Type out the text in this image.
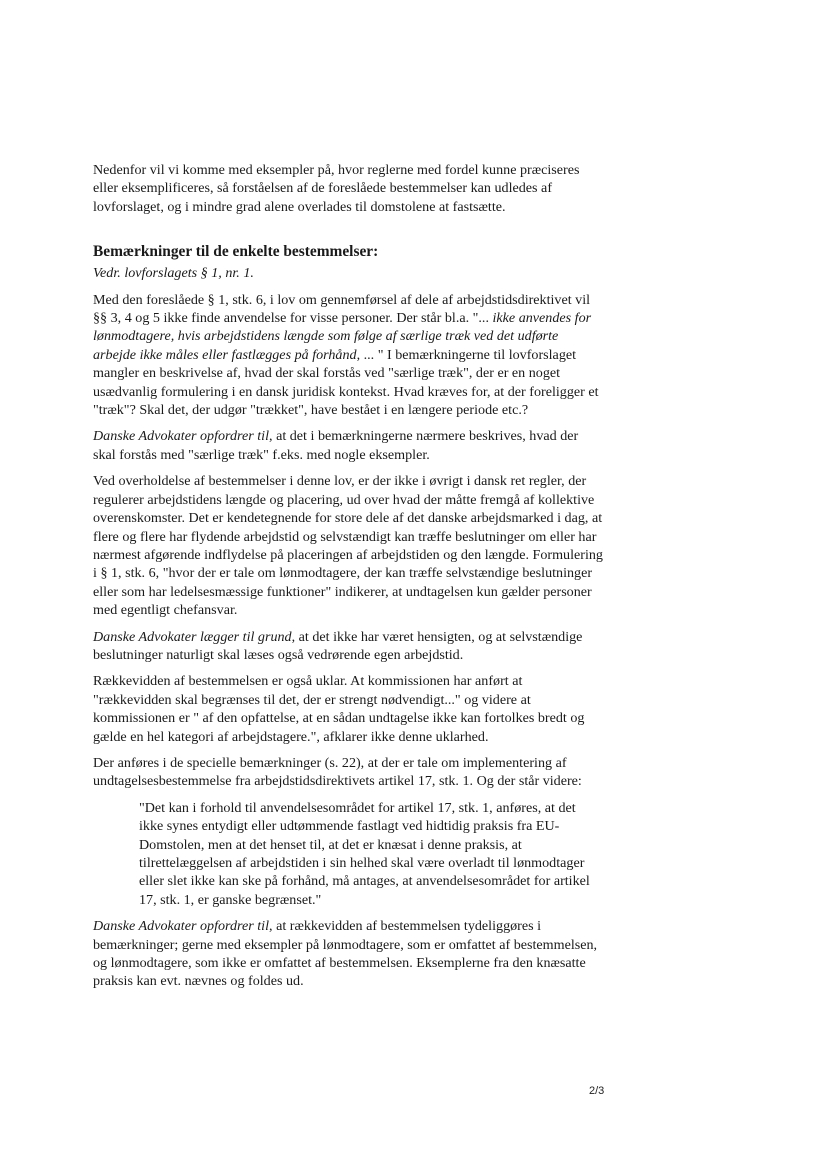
Nedenfor vil vi komme med eksempler på, hvor reglerne med fordel kunne præciseres eller eksemplificeres, så forståelsen af de foreslåede bestemmelser kan udledes af lovforslaget, og i mindre grad alene overlades til domstolene at fastsætte.

Bemærkninger til de enkelte bestemmelser:

Vedr. lovforslagets § 1, nr. 1.

Med den foreslåede § 1, stk. 6, i lov om gennemførsel af dele af arbejdstidsdirektivet vil §§ 3, 4 og 5 ikke finde anvendelse for visse personer. Der står bl.a. "... ikke anvendes for lønmodtagere, hvis arbejdstidens længde som følge af særlige træk ved det udførte arbejde ikke måles eller fastlægges på forhånd, ... " I bemærkningerne til lovforslaget mangler en beskrivelse af, hvad der skal forstås ved "særlige træk", der er en noget usædvanlig formulering i en dansk juridisk kontekst. Hvad kræves for, at der foreligger et "træk"? Skal det, der udgør "trækket", have bestået i en længere periode etc.?

Danske Advokater opfordrer til, at det i bemærkningerne nærmere beskrives, hvad der skal forstås med "særlige træk" f.eks. med nogle eksempler.

Ved overholdelse af bestemmelser i denne lov, er der ikke i øvrigt i dansk ret regler, der regulerer arbejdstidens længde og placering, ud over hvad der måtte fremgå af kollektive overenskomster. Det er kendetegnende for store dele af det danske arbejdsmarked i dag, at flere og flere har flydende arbejdstid og selvstændigt kan træffe beslutninger om eller har nærmest afgørende indflydelse på placeringen af arbejdstiden og den længde. Formulering i § 1, stk. 6, "hvor der er tale om lønmodtagere, der kan træffe selvstændige beslutninger eller som har ledelsesmæssige funktioner" indikerer, at undtagelsen kun gælder personer med egentligt chefansvar.

Danske Advokater lægger til grund, at det ikke har været hensigten, og at selvstændige beslutninger naturligt skal læses også vedrørende egen arbejdstid.

Rækkevidden af bestemmelsen er også uklar. At kommissionen har anført at "rækkevidden skal begrænses til det, der er strengt nødvendigt..." og videre at kommissionen er " af den opfattelse, at en sådan undtagelse ikke kan fortolkes bredt og gælde en hel kategori af arbejdstagere.", afklarer ikke denne uklarhed.

Der anføres i de specielle bemærkninger (s. 22), at der er tale om implementering af undtagelsesbestemmelse fra arbejdstidsdirektivets artikel 17, stk. 1. Og der står videre:

"Det kan i forhold til anvendelsesområdet for artikel 17, stk. 1, anføres, at det ikke synes entydigt eller udtømmende fastlagt ved hidtidig praksis fra EU-Domstolen, men at det henset til, at det er knæsat i denne praksis, at tilrettelæggelsen af arbejdstiden i sin helhed skal være overladt til lønmodtager eller slet ikke kan ske på forhånd, må antages, at anvendelsesområdet for artikel 17, stk. 1, er ganske begrænset."

Danske Advokater opfordrer til, at rækkevidden af bestemmelsen tydeliggøres i bemærkninger; gerne med eksempler på lønmodtagere, som er omfattet af bestemmelsen, og lønmodtagere, som ikke er omfattet af bestemmelsen. Eksemplerne fra den knæsatte praksis kan evt. nævnes og foldes ud.

2/3
